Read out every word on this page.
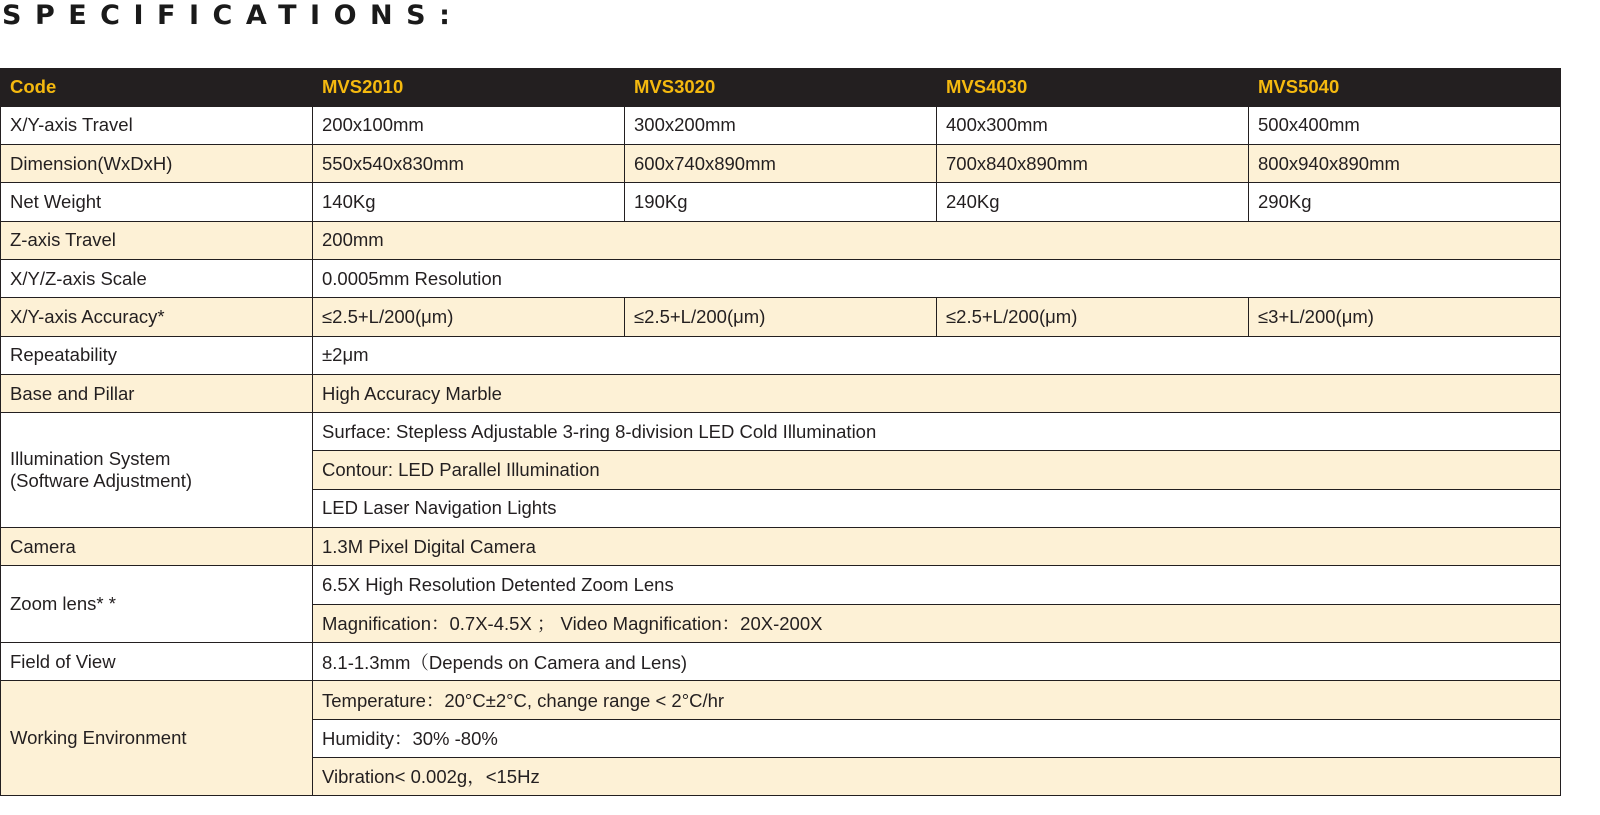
SPECIFICATIONS:
Code	MVS2010	MVS3020	MVS4030	MVS5040
X/Y-axis Travel	200x100mm	300x200mm	400x300mm	500x400mm
Dimension(WxDxH)	550x540x830mm	600x740x890mm	700x840x890mm	800x940x890mm
Net Weight	140Kg	190Kg	240Kg	290Kg
Z-axis Travel	200mm			
X/Y/Z-axis Scale	0.0005mm Resolution			
X/Y-axis Accuracy*	≤2.5+L/200(μm)	≤2.5+L/200(μm)	≤2.5+L/200(μm)	≤3+L/200(μm)
Repeatability	±2μm			
Base and Pillar	High Accuracy Marble			

Illumination System
(Software Adjustment)	Surface: Stepless Adjustable 3-ring 8-division LED Cold Illumination			
	Contour: LED Parallel Illumination			
	LED Laser Navigation Lights			
Camera	1.3M Pixel Digital Camera			
Zoom lens* *	6.5X High Resolution Detented Zoom Lens			
	Magnification：0.7X-4.5X ； Video Magnification：20X-200X			
Field of View	8.1-1.3mm（Depends on Camera and Lens)			
Working Environment	Temperature：20°C±2°C, change range < 2°C/hr			
	Humidity：30% -80%			
	Vibration< 0.002g，<15Hz			
